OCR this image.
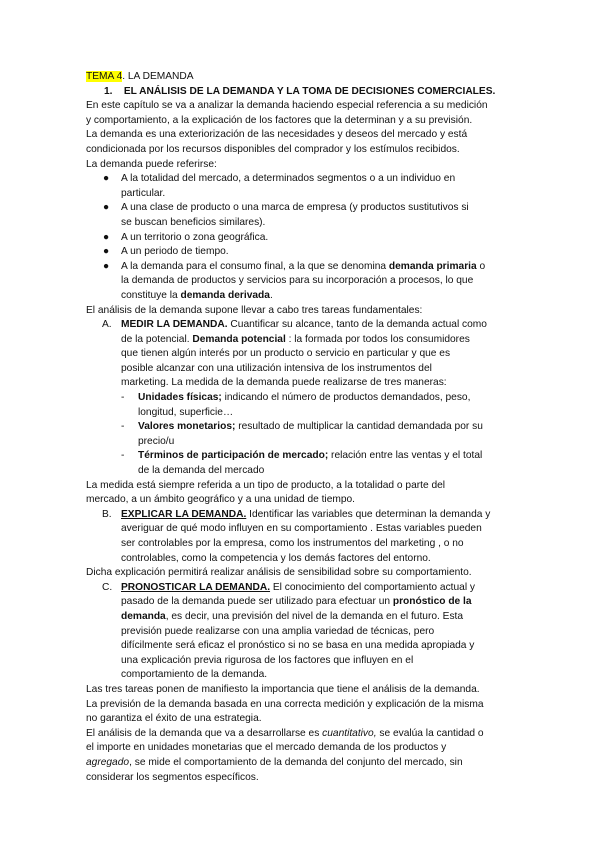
TEMA 4. LA DEMANDA
1. EL ANÁLISIS DE LA DEMANDA Y LA TOMA DE DECISIONES COMERCIALES.
En este capítulo se va a analizar la demanda haciendo especial referencia a su medición
y comportamiento, a la explicación de los factores que la determinan y a su previsión.
La demanda es una exteriorización de las necesidades y deseos del mercado y está
condicionada por los recursos disponibles del comprador y los estímulos recibidos.
La demanda puede referirse:
● A la totalidad del mercado, a determinados segmentos o a un individuo en
particular.
● A una clase de producto o una marca de empresa (y productos sustitutivos si
se buscan beneficios similares).
● A un territorio o zona geográfica.
● A un periodo de tiempo.
● A la demanda para el consumo final, a la que se denomina demanda primaria o
la demanda de productos y servicios para su incorporación a procesos, lo que
constituye la demanda derivada.
El análisis de la demanda supone llevar a cabo tres tareas fundamentales:
A. MEDIR LA DEMANDA. Cuantificar su alcance, tanto de la demanda actual como
de la potencial. Demanda potencial : la formada por todos los consumidores
que tienen algún interés por un producto o servicio en particular y que es
posible alcanzar con una utilización intensiva de los instrumentos del
marketing. La medida de la demanda puede realizarse de tres maneras:
- Unidades físicas; indicando el número de productos demandados, peso,
longitud, superficie…
- Valores monetarios; resultado de multiplicar la cantidad demandada por su
precio/u
- Términos de participación de mercado; relación entre las ventas y el total
de la demanda del mercado
La medida está siempre referida a un tipo de producto, a la totalidad o parte del
mercado, a un ámbito geográfico y a una unidad de tiempo.
B. EXPLICAR LA DEMANDA. Identificar las variables que determinan la demanda y
averiguar de qué modo influyen en su comportamiento . Estas variables pueden
ser controlables por la empresa, como los instrumentos del marketing , o no
controlables, como la competencia y los demás factores del entorno.
Dicha explicación permitirá realizar análisis de sensibilidad sobre su comportamiento.
C. PRONOSTICAR LA DEMANDA. El conocimiento del comportamiento actual y
pasado de la demanda puede ser utilizado para efectuar un pronóstico de la
demanda, es decir, una previsión del nivel de la demanda en el futuro. Esta
previsión puede realizarse con una amplia variedad de técnicas, pero
difícilmente será eficaz el pronóstico si no se basa en una medida apropiada y
una explicación previa rigurosa de los factores que influyen en el
comportamiento de la demanda.
Las tres tareas ponen de manifiesto la importancia que tiene el análisis de la demanda.
La previsión de la demanda basada en una correcta medición y explicación de la misma
no garantiza el éxito de una estrategia.
El análisis de la demanda que va a desarrollarse es cuantitativo, se evalúa la cantidad o
el importe en unidades monetarias que el mercado demanda de los productos y
agregado, se mide el comportamiento de la demanda del conjunto del mercado, sin
considerar los segmentos específicos.
